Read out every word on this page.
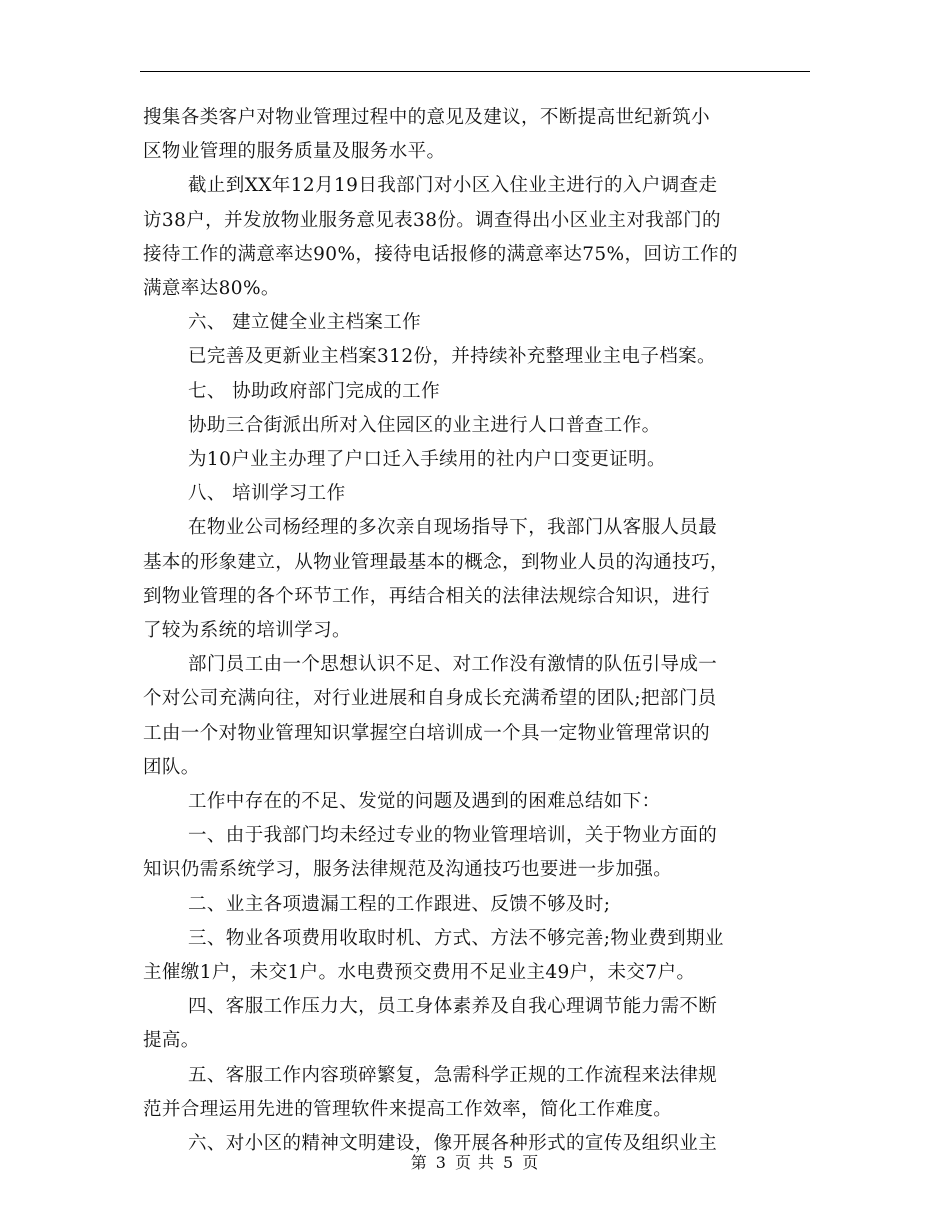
搜集各类客户对物业管理过程中的意见及建议，不断提高世纪新筑小

区物业管理的服务质量及服务水平。

截止到XX年12月19日我部门对小区入住业主进行的入户调查走

访38户，并发放物业服务意见表38份。调查得出小区业主对我部门的

接待工作的满意率达90%，接待电话报修的满意率达75%，回访工作的

满意率达80%。

六、 建立健全业主档案工作

已完善及更新业主档案312份，并持续补充整理业主电子档案。

七、 协助政府部门完成的工作

协助三合街派出所对入住园区的业主进行人口普查工作。

为10户业主办理了户口迁入手续用的社内户口变更证明。

八、 培训学习工作

在物业公司杨经理的多次亲自现场指导下，我部门从客服人员最

基本的形象建立，从物业管理最基本的概念，到物业人员的沟通技巧，

到物业管理的各个环节工作，再结合相关的法律法规综合知识，进行

了较为系统的培训学习。

部门员工由一个思想认识不足、对工作没有激情的队伍引导成一

个对公司充满向往，对行业进展和自身成长充满希望的团队;把部门员

工由一个对物业管理知识掌握空白培训成一个具一定物业管理常识的

团队。

工作中存在的不足、发觉的问题及遇到的困难总结如下：

一、由于我部门均未经过专业的物业管理培训，关于物业方面的

知识仍需系统学习，服务法律规范及沟通技巧也要进一步加强。

二、业主各项遗漏工程的工作跟进、反馈不够及时;

三、物业各项费用收取时机、方式、方法不够完善;物业费到期业

主催缴1户，未交1户。水电费预交费用不足业主49户，未交7户。

四、客服工作压力大，员工身体素养及自我心理调节能力需不断

提高。

五、客服工作内容琐碎繁复，急需科学正规的工作流程来法律规

范并合理运用先进的管理软件来提高工作效率，简化工作难度。

六、对小区的精神文明建设，像开展各种形式的宣传及组织业主

第 3 页 共 5 页
